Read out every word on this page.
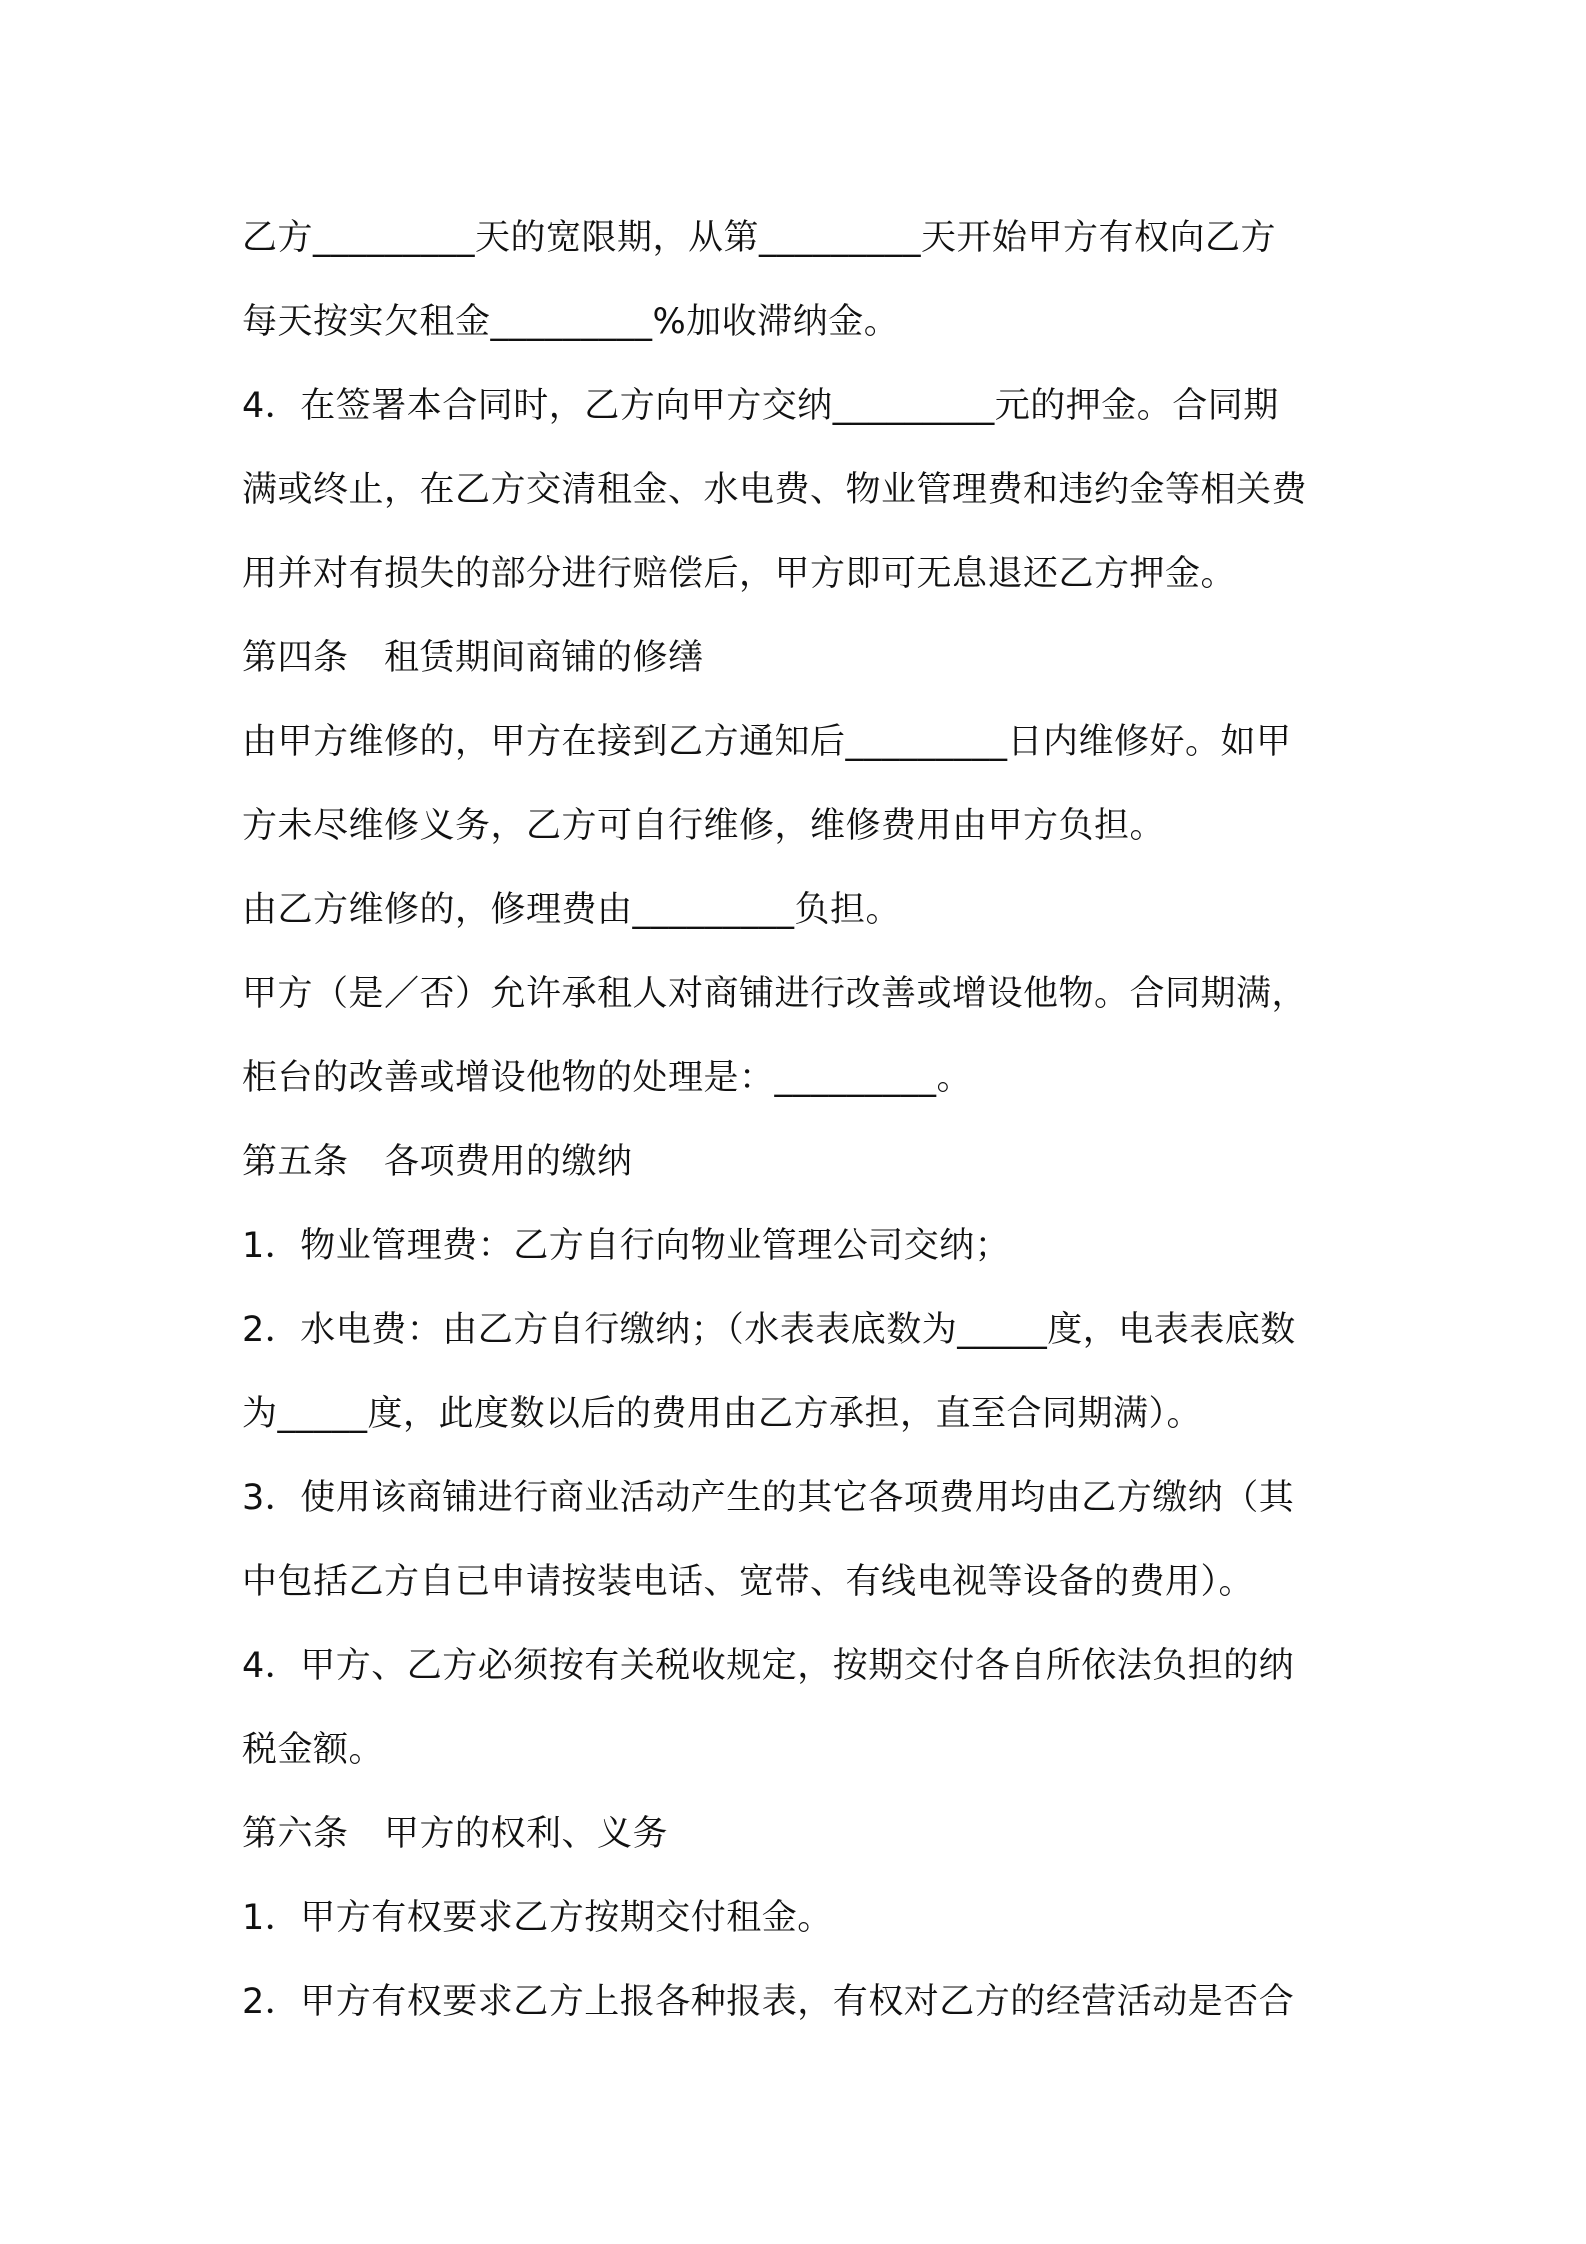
乙方_________天的宽限期，从第_________天开始甲方有权向乙方
每天按实欠租金_________%加收滞纳金。
4．在签署本合同时，乙方向甲方交纳_________元的押金。合同期
满或终止，在乙方交清租金、水电费、物业管理费和违约金等相关费
用并对有损失的部分进行赔偿后，甲方即可无息退还乙方押金。
第四条　租赁期间商铺的修缮
由甲方维修的，甲方在接到乙方通知后_________日内维修好。如甲
方未尽维修义务，乙方可自行维修，维修费用由甲方负担。
由乙方维修的，修理费由_________负担。
甲方（是／否）允许承租人对商铺进行改善或增设他物。合同期满，
柜台的改善或增设他物的处理是：_________。
第五条　各项费用的缴纳
1．物业管理费：乙方自行向物业管理公司交纳；
2．水电费：由乙方自行缴纳；（水表表底数为_____度，电表表底数
为_____度，此度数以后的费用由乙方承担，直至合同期满）。
3．使用该商铺进行商业活动产生的其它各项费用均由乙方缴纳（其
中包括乙方自已申请按装电话、宽带、有线电视等设备的费用）。
4．甲方、乙方必须按有关税收规定，按期交付各自所依法负担的纳
税金额。
第六条　甲方的权利、义务
1．甲方有权要求乙方按期交付租金。
2．甲方有权要求乙方上报各种报表，有权对乙方的经营活动是否合
